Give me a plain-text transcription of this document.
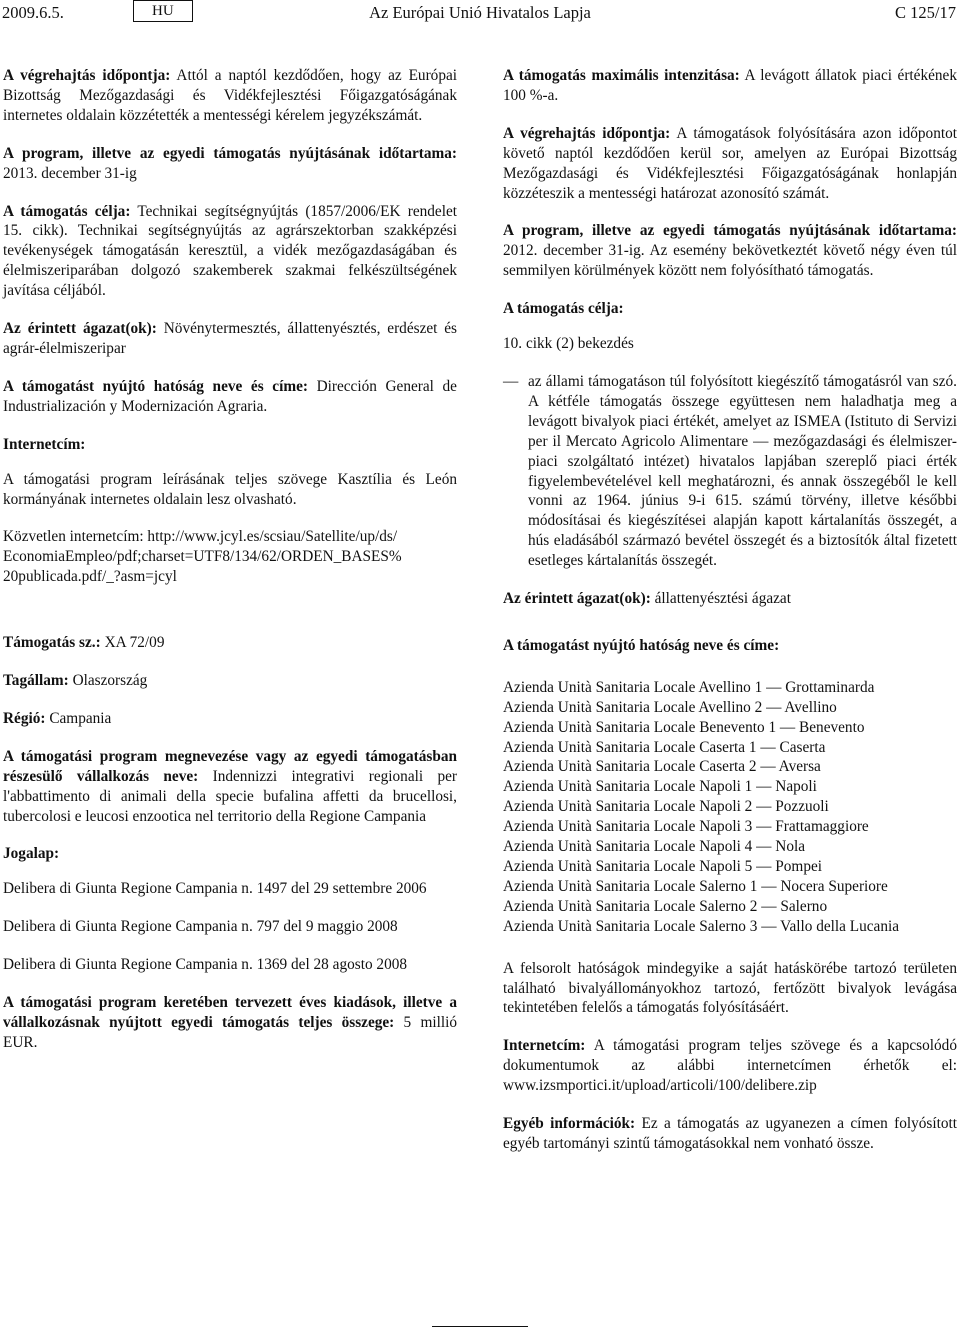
2009.6.5.	HU	Az Európai Unió Hivatalos Lapja	C 125/17

A végrehajtás időpontja: Attól a naptól kezdődően, hogy az Európai Bizottság Mezőgazdasági és Vidékfejlesztési Főigazgatóságának internetes oldalain közzétették a mentességi kérelem jegyzékszámát.

A program, illetve az egyedi támogatás nyújtásának időtartama: 2013. december 31-ig

A támogatás célja: Technikai segítségnyújtás (1857/2006/EK rendelet 15. cikk). Technikai segítségnyújtás az agrárszektorban szakképzési tevékenységek támogatásán keresztül, a vidék mezőgazdaságában és élelmiszeriparában dolgozó szakemberek szakmai felkészültségének javítása céljából.

Az érintett ágazat(ok): Növénytermesztés, állattenyésztés, erdészet és agrár-élelmiszeripar

A támogatást nyújtó hatóság neve és címe: Dirección General de Industrialización y Modernización Agraria.

Internetcím:

A támogatási program leírásának teljes szövege Kasztília és León kormányának internetes oldalain lesz olvasható.

Közvetlen internetcím: http://www.jcyl.es/scsiau/Satellite/up/ds/
EconomiaEmpleo/pdf;charset=UTF8/134/62/ORDEN_BASES%
20publicada.pdf/_?asm=jcyl

Támogatás sz.: XA 72/09

Tagállam: Olaszország

Régió: Campania

A támogatási program megnevezése vagy az egyedi támogatásban részesülő vállalkozás neve: Indennizzi integrativi regionali per l'abbattimento di animali della specie bufalina affetti da brucellosi, tubercolosi e leucosi enzootica nel territorio della Regione Campania

Jogalap:

Delibera di Giunta Regione Campania n. 1497 del 29 settembre 2006

Delibera di Giunta Regione Campania n. 797 del 9 maggio 2008

Delibera di Giunta Regione Campania n. 1369 del 28 agosto 2008

A támogatási program keretében tervezett éves kiadások, illetve a vállalkozásnak nyújtott egyedi támogatás teljes összege: 5 millió EUR.

A támogatás maximális intenzitása: A levágott állatok piaci értékének 100 %-a.

A végrehajtás időpontja: A támogatások folyósítására azon időpontot követő naptól kezdődően kerül sor, amelyen az Európai Bizottság Mezőgazdasági és Vidékfejlesztési Főigazgatóságának honlapján közzéteszik a mentességi határozat azonosító számát.

A program, illetve az egyedi támogatás nyújtásának időtartama: 2012. december 31-ig. Az esemény bekövetkeztét követő négy éven túl semmilyen körülmények között nem folyósítható támogatás.

A támogatás célja:

10. cikk (2) bekezdés

— az állami támogatáson túl folyósított kiegészítő támogatásról van szó. A kétféle támogatás összege együttesen nem haladhatja meg a levágott bivalyok piaci értékét, amelyet az ISMEA (Istituto di Servizi per il Mercato Agricolo Alimentare — mezőgazdasági és élelmiszer-piaci szolgáltató intézet) hivatalos lapjában szereplő piaci érték figyelembevételével kell meghatározni, és annak összegéből le kell vonni az 1964. június 9-i 615. számú törvény, illetve későbbi módosításai és kiegészítései alapján kapott kártalanítás összegét, a hús eladásából származó bevétel összegét és a biztosítók által fizetett esetleges kártalanítás összegét.

Az érintett ágazat(ok): állattenyésztési ágazat

A támogatást nyújtó hatóság neve és címe:

Azienda Unità Sanitaria Locale Avellino 1 — Grottaminarda
Azienda Unità Sanitaria Locale Avellino 2 — Avellino
Azienda Unità Sanitaria Locale Benevento 1 — Benevento
Azienda Unità Sanitaria Locale Caserta 1 — Caserta
Azienda Unità Sanitaria Locale Caserta 2 — Aversa
Azienda Unità Sanitaria Locale Napoli 1 — Napoli
Azienda Unità Sanitaria Locale Napoli 2 — Pozzuoli
Azienda Unità Sanitaria Locale Napoli 3 — Frattamaggiore
Azienda Unità Sanitaria Locale Napoli 4 — Nola
Azienda Unità Sanitaria Locale Napoli 5 — Pompei
Azienda Unità Sanitaria Locale Salerno 1 — Nocera Superiore
Azienda Unità Sanitaria Locale Salerno 2 — Salerno
Azienda Unità Sanitaria Locale Salerno 3 — Vallo della Lucania

A felsorolt hatóságok mindegyike a saját hatáskörébe tartozó területen található bivalyállományokhoz tartozó, fertőzött bivalyok levágása tekintetében felelős a támogatás folyósításáért.

Internetcím: A támogatási program teljes szövege és a kapcsolódó dokumentumok az alábbi internetcímen érhetők el: www.izsmportici.it/upload/articoli/100/delibere.zip

Egyéb információk: Ez a támogatás az ugyanezen a címen folyósított egyéb tartományi szintű támogatásokkal nem vonható össze.
